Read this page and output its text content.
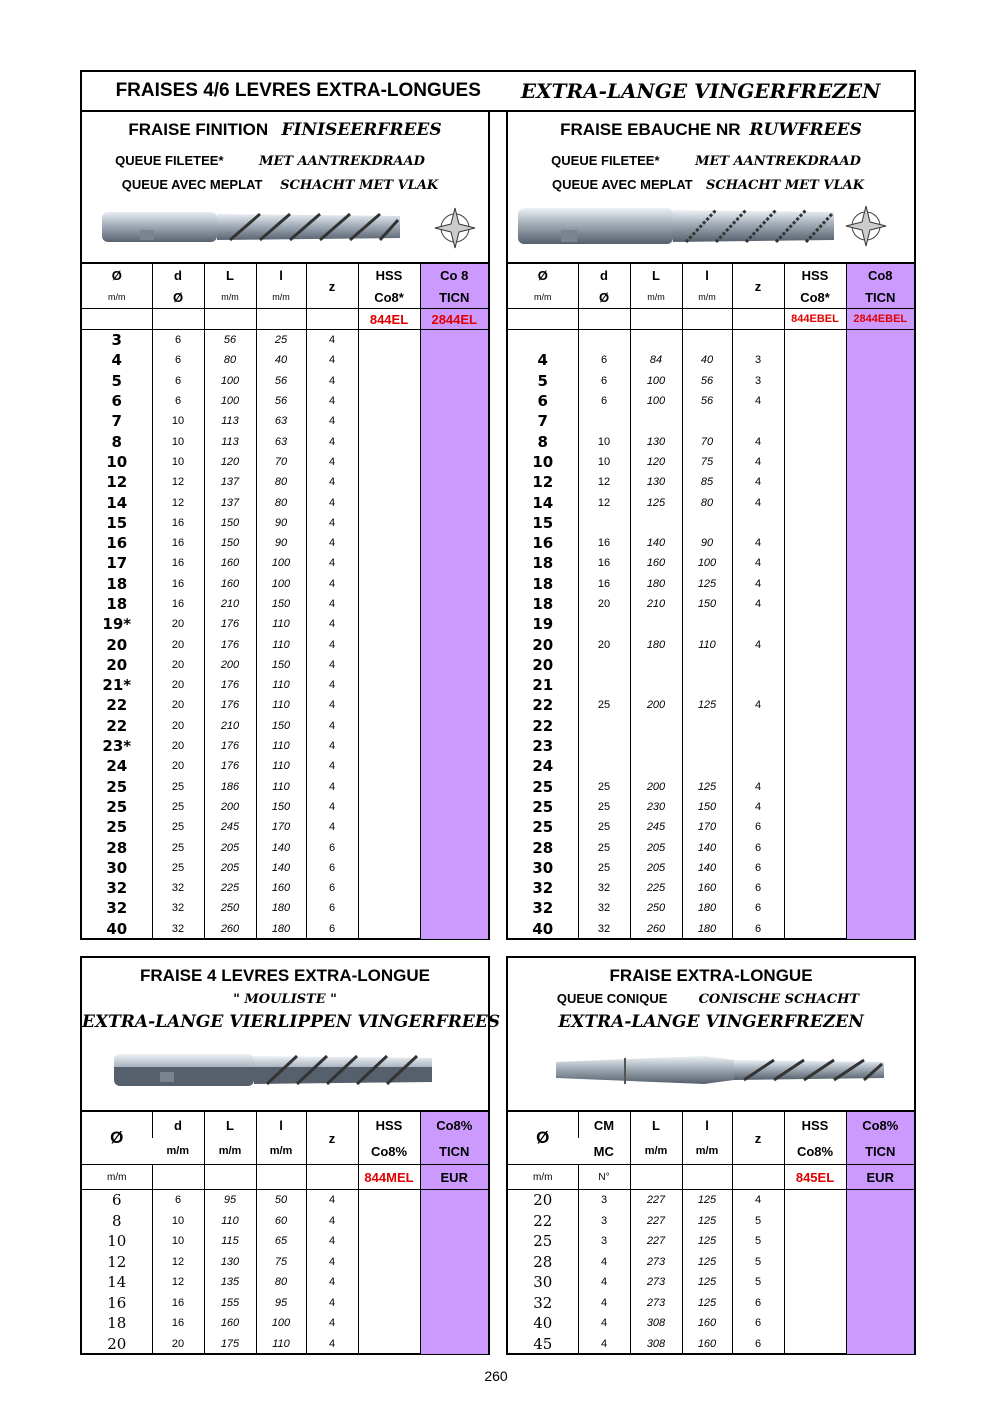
FRAISES 4/6 LEVRES EXTRA-LONGUES EXTRA-LANGE VINGERFREZEN
FRAISE FINITION FINISEERFREES
QUEUE FILETEE*	MET AANTREKDRAAD
QUEUE AVEC MEPLAT SCHACHT MET VLAK
Ø	d	L	l	z	HSS	Co 8
m/m	Ø	m/m	m/m		Co8*	TICN
					844EL	2844EL
3	6	56	25	4		
4	6	80	40	4		
5	6	100	56	4		
6	6	100	56	4		
7	10	113	63	4		
8	10	113	63	4		
10	10	120	70	4		
12	12	137	80	4		
14	12	137	80	4		
15	16	150	90	4		
16	16	150	90	4		
17	16	160	100	4		
18	16	160	100	4		
18	16	210	150	4		
19*	20	176	110	4		
20	20	176	110	4		
20	20	200	150	4		
21*	20	176	110	4		
22	20	176	110	4		
22	20	210	150	4		
23*	20	176	110	4		
24	20	176	110	4		
25	25	186	110	4		
25	25	200	150	4		
25	25	245	170	4		
28	25	205	140	6		
30	25	205	140	6		
32	32	225	160	6		
32	32	250	180	6		
40	32	260	180	6		
FRAISE EBAUCHE NR RUWFREES
QUEUE FILETEE*	MET AANTREKDRAAD
QUEUE AVEC MEPLAT SCHACHT MET VLAK
Ø	d	L	l	z	HSS	Co8
m/m	Ø	m/m	m/m		Co8*	TICN
					844EBEL	2844EBEL

4	6	84	40	3		
5	6	100	56	3		
6	6	100	56	4		
7						
8	10	130	70	4		
10	10	120	75	4		
12	12	130	85	4		
14	12	125	80	4		
15						
16	16	140	90	4		
18	16	160	100	4		
18	16	180	125	4		
18	20	210	150	4		
19						
20	20	180	110	4		
20						
21						
22	25	200	125	4		
22						
23						
24						
25	25	200	125	4		
25	25	230	150	4		
25	25	245	170	6		
28	25	205	140	6		
30	25	205	140	6		
32	32	225	160	6		
32	32	250	180	6		
40	32	260	180	6		
FRAISE 4 LEVRES EXTRA-LONGUE
" MOULISTE "
EXTRA-LANGE VIERLIPPEN VINGERFREES
Ø	d	L	l	z	HSS	Co8%
	m/m	m/m	m/m		Co8%	TICN
m/m					844MEL	EUR
6	6	95	50	4		
8	10	110	60	4		
10	10	115	65	4		
12	12	130	75	4		
14	12	135	80	4		
16	16	155	95	4		
18	16	160	100	4		
20	20	175	110	4		
FRAISE EXTRA-LONGUE
QUEUE CONIQUE CONISCHE SCHACHT
EXTRA-LANGE VINGERFREZEN
Ø	CM	L	l	z	HSS	Co8%
	MC	m/m	m/m		Co8%	TICN
m/m	N°				845EL	EUR
20	3	227	125	4		
22	3	227	125	5		
25	3	227	125	5		
28	4	273	125	5		
30	4	273	125	5		
32	4	273	125	6		
40	4	308	160	6		
45	4	308	160	6		
260
